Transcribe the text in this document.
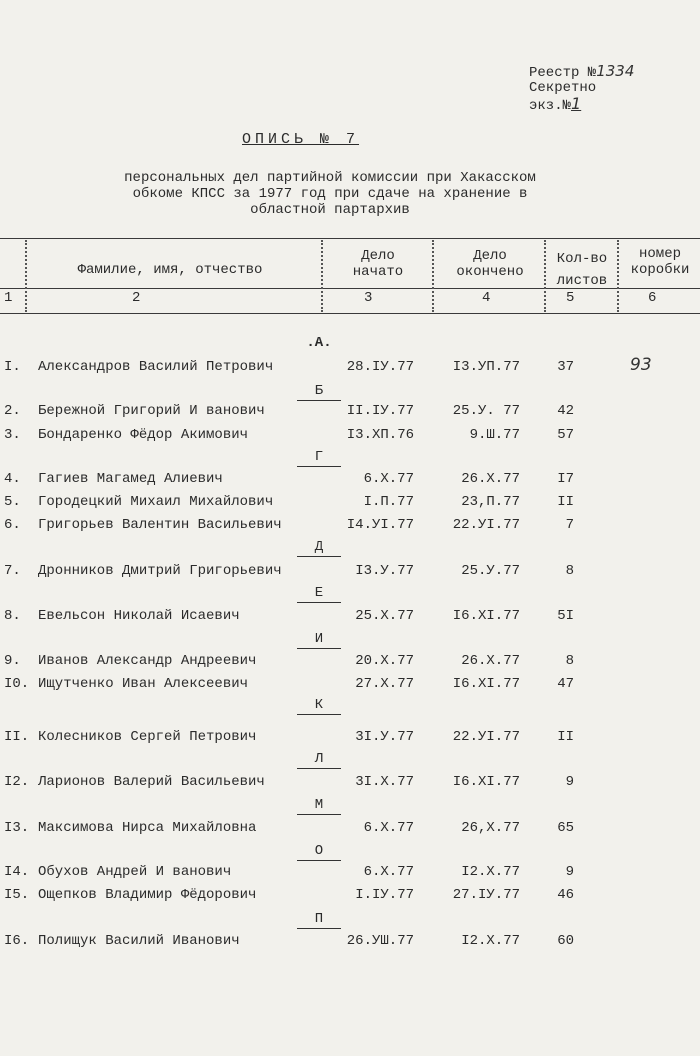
Реестр №1334
Секретно
экз.№1
ОПИСЬ № 7
персональных дел партийной комиссии при Хакасском
обкоме КПСС за 1977 год при сдаче на хранение в
областной партархив
Фамилие, имя, отчество
Дело
начато
Дело
окончено
Кол-во
листов
номер
коробки
1	2	3	4	5	6
.А.
Б
Г
Д
Е
И
К
Л
М
О
П
I. Александров Василий Петрович	28.IУ.77	I3.УП.77	37	93
2. Бережной Григорий И ванович	II.IУ.77	25.У. 77	42
3. Бондаренко Фёдор Акимович	I3.ХП.76	9.Ш.77	57
4. Гагиев Магамед Алиевич	6.Х.77	26.Х.77	I7
5. Городецкий Михаил Михайлович	I.П.77	23,П.77	II
6. Григорьев Валентин Васильевич	I4.УI.77	22.УI.77	7
7. Дронников Дмитрий Григорьевич	I3.У.77	25.У.77	8
8. Евельсон Николай Исаевич	25.Х.77	I6.ХI.77	5I
9. Иванов Александр Андреевич	20.Х.77	26.Х.77	8
I0. Ищутченко Иван Алексеевич	27.Х.77	I6.ХI.77	47
II. Колесников Сергей Петрович	3I.У.77	22.УI.77	II
I2. Ларионов Валерий Васильевич	3I.Х.77	I6.ХI.77	9
I3. Максимова Нирса Михайловна	6.Х.77	26,Х.77	65
I4. Обухов Андрей И ванович	6.Х.77	I2.Х.77	9
I5. Ощепков Владимир Фёдорович	I.IУ.77	27.IУ.77	46
I6. Полищук Василий Иванович	26.УШ.77	I2.Х.77	60
